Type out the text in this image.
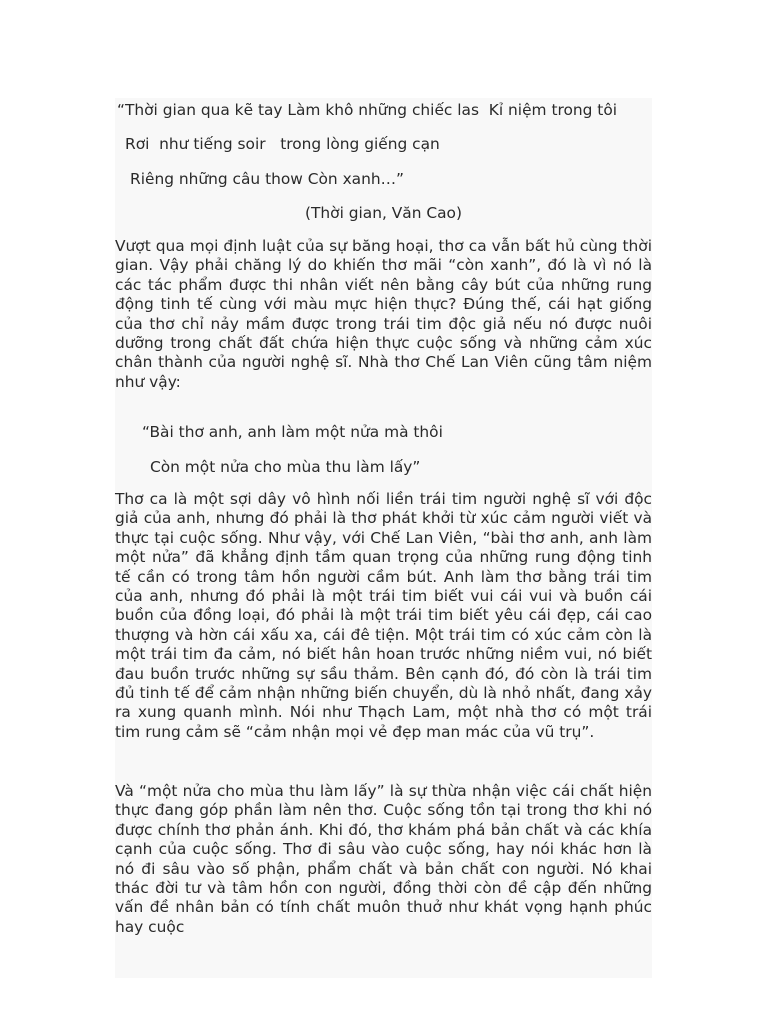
“Thời gian qua kẽ tay Làm khô những chiếc las  Kỉ niệm trong tôi
Rơi  như tiếng soir   trong lòng giếng cạn
Riêng những câu thow Còn xanh…”
(Thời gian, Văn Cao)
Vượt qua mọi định luật của sự băng hoại, thơ ca vẫn bất hủ cùng thời gian. Vậy phải chăng lý do khiến thơ mãi “còn xanh”, đó là vì nó là các tác phẩm được thi nhân viết nên bằng cây bút của những rung động tinh tế cùng với màu mực hiện thực? Đúng thế, cái hạt giống của thơ chỉ nảy mầm được trong trái tim độc giả nếu nó được nuôi dưỡng trong chất đất chứa hiện thực cuộc sống và những cảm xúc chân thành của người nghệ sĩ. Nhà thơ Chế Lan Viên cũng tâm niệm như vậy:
“Bài thơ anh, anh làm một nửa mà thôi
Còn một nửa cho mùa thu làm lấy”
Thơ ca là một sợi dây vô hình nối liền trái tim người nghệ sĩ với độc giả của anh, nhưng đó phải là thơ phát khởi từ xúc cảm người viết và thực tại cuộc sống. Như vậy, với Chế Lan Viên, “bài thơ anh, anh làm một nửa” đã khẳng định tầm quan trọng của những rung động tinh tế cần có trong tâm hồn người cầm bút. Anh làm thơ bằng trái tim của anh, nhưng đó phải là một trái tim biết vui cái vui và buồn cái buồn của đồng loại, đó phải là một trái tim biết yêu cái đẹp, cái cao thượng và hờn cái xấu xa, cái đê tiện. Một trái tim có xúc cảm còn là một trái tim đa cảm, nó biết hân hoan trước những niềm vui, nó biết đau buồn trước những sự sầu thảm. Bên cạnh đó, đó còn là trái tim đủ tinh tế để cảm nhận những biến chuyển, dù là nhỏ nhất, đang xảy ra xung quanh mình. Nói như Thạch Lam, một nhà thơ có một trái tim rung cảm sẽ “cảm nhận mọi vẻ đẹp man mác của vũ trụ”.
Và “một nửa cho mùa thu làm lấy” là sự thừa nhận việc cái chất hiện thực đang góp phần làm nên thơ. Cuộc sống tồn tại trong thơ khi nó được chính thơ phản ánh. Khi đó, thơ khám phá bản chất và các khía cạnh của cuộc sống. Thơ đi sâu vào cuộc sống, hay nói khác hơn là nó đi sâu vào số phận, phẩm chất và bản chất con người. Nó khai thác đời tư và tâm hồn con người, đồng thời còn đề cập đến những vấn đề nhân bản có tính chất muôn thuở như khát vọng hạnh phúc hay cuộc
